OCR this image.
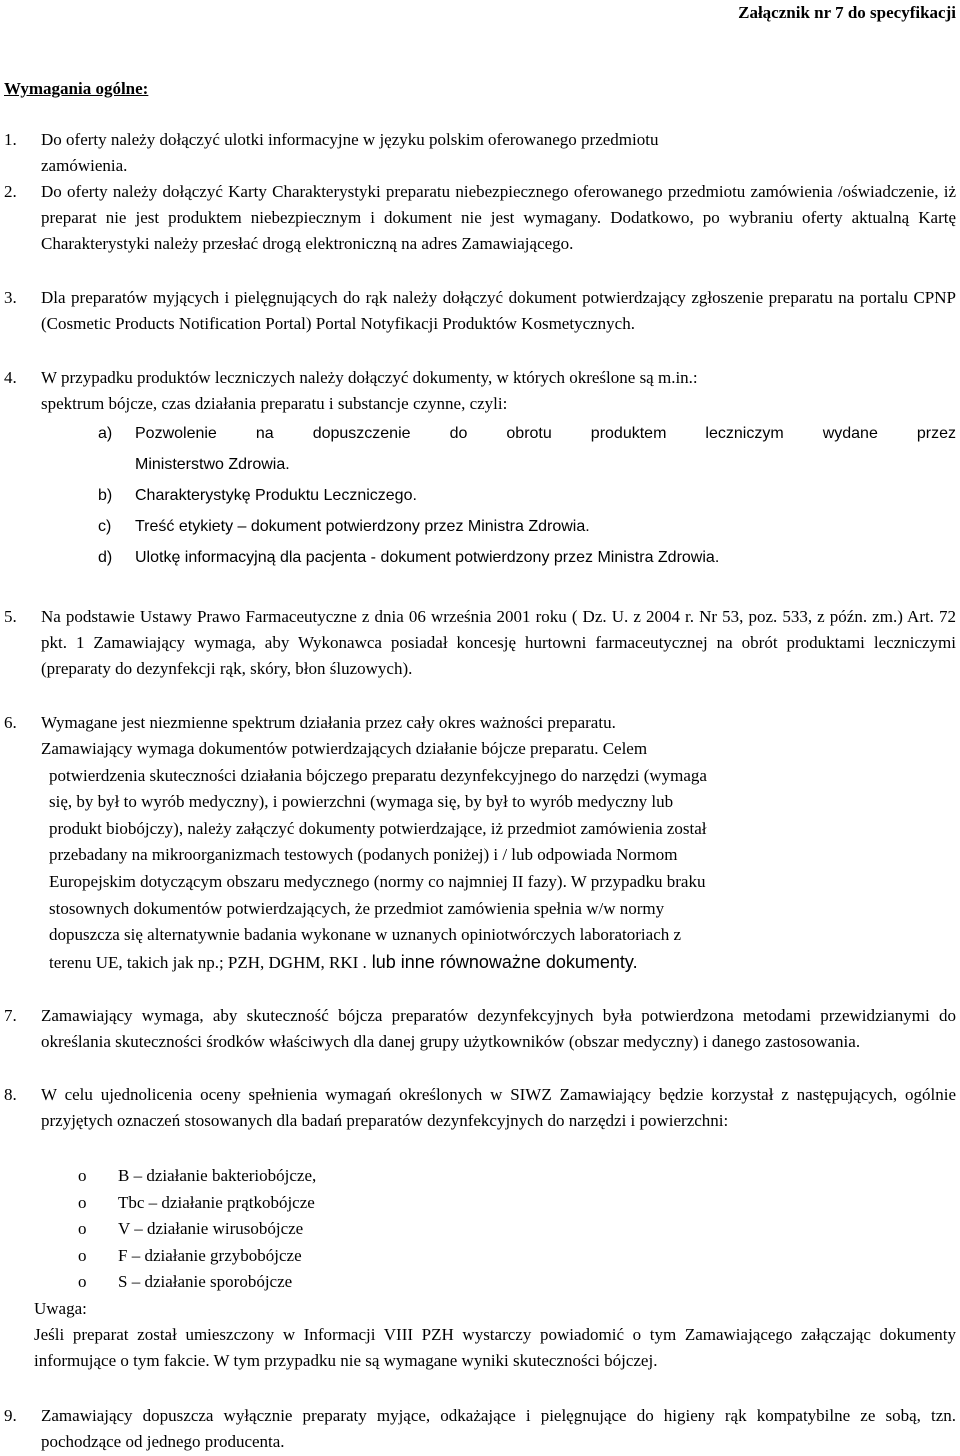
Załącznik nr 7 do specyfikacji
Wymagania ogólne:
1. Do oferty należy dołączyć ulotki informacyjne w języku polskim oferowanego przedmiotu
zamówienia.
2. Do oferty należy dołączyć Karty Charakterystyki preparatu niebezpiecznego oferowanego przedmiotu zamówienia /oświadczenie, iż preparat nie jest produktem niebezpiecznym i dokument nie jest wymagany. Dodatkowo, po wybraniu oferty aktualną Kartę Charakterystyki należy przesłać drogą elektroniczną na adres Zamawiającego.
3. Dla preparatów myjących i pielęgnujących do rąk należy dołączyć dokument potwierdzający zgłoszenie preparatu na portalu CPNP (Cosmetic Products Notification Portal) Portal Notyfikacji Produktów Kosmetycznych.
4. W przypadku produktów leczniczych należy dołączyć dokumenty, w których określone są m.in.:
spektrum bójcze, czas działania preparatu i substancje czynne, czyli:
a) Pozwolenie na dopuszczenie do obrotu produktem leczniczym wydane przez
Ministerstwo Zdrowia.
b) Charakterystykę Produktu Leczniczego.
c) Treść etykiety – dokument potwierdzony przez Ministra Zdrowia.
d) Ulotkę informacyjną dla pacjenta - dokument potwierdzony przez Ministra Zdrowia.
5. Na podstawie Ustawy Prawo Farmaceutyczne z dnia 06 września 2001 roku ( Dz. U. z 2004 r. Nr 53, poz. 533, z późn. zm.) Art. 72 pkt. 1 Zamawiający wymaga, aby Wykonawca posiadał koncesję hurtowni farmaceutycznej na obrót produktami leczniczymi (preparaty do dezynfekcji rąk, skóry, błon śluzowych).
6. Wymagane jest niezmienne spektrum działania przez cały okres ważności preparatu.
Zamawiający wymaga dokumentów potwierdzających działanie bójcze preparatu. Celem
potwierdzenia skuteczności działania bójczego preparatu dezynfekcyjnego do narzędzi (wymaga
się, by był to wyrób medyczny), i powierzchni (wymaga się, by był to wyrób medyczny lub
produkt biobójczy), należy załączyć dokumenty potwierdzające, iż przedmiot zamówienia został
przebadany na mikroorganizmach testowych (podanych poniżej) i / lub odpowiada Normom
Europejskim dotyczącym obszaru medycznego (normy co najmniej II fazy). W przypadku braku
stosownych dokumentów potwierdzających, że przedmiot zamówienia spełnia w/w normy
dopuszcza się alternatywnie badania wykonane w uznanych opiniotwórczych laboratoriach z
terenu UE, takich jak np.; PZH, DGHM, RKI . lub inne równoważne dokumenty.
7. Zamawiający wymaga, aby skuteczność bójcza preparatów dezynfekcyjnych była potwierdzona metodami przewidzianymi do określania skuteczności środków właściwych dla danej grupy użytkowników (obszar medyczny) i danego zastosowania.
8. W celu ujednolicenia oceny spełnienia wymagań określonych w SIWZ Zamawiający będzie korzystał z następujących, ogólnie przyjętych oznaczeń stosowanych dla badań preparatów dezynfekcyjnych do narzędzi i powierzchni:
o B – działanie bakteriobójcze,
o Tbc – działanie prątkobójcze
o V – działanie wirusobójcze
o F – działanie grzybobójcze
o S – działanie sporobójcze
Uwaga:
Jeśli preparat został umieszczony w Informacji VIII PZH wystarczy powiadomić o tym Zamawiającego załączając dokumenty informujące o tym fakcie. W tym przypadku nie są wymagane wyniki skuteczności bójczej.
9. Zamawiający dopuszcza wyłącznie preparaty myjące, odkażające i pielęgnujące do higieny rąk kompatybilne ze sobą, tzn. pochodzące od jednego producenta.
